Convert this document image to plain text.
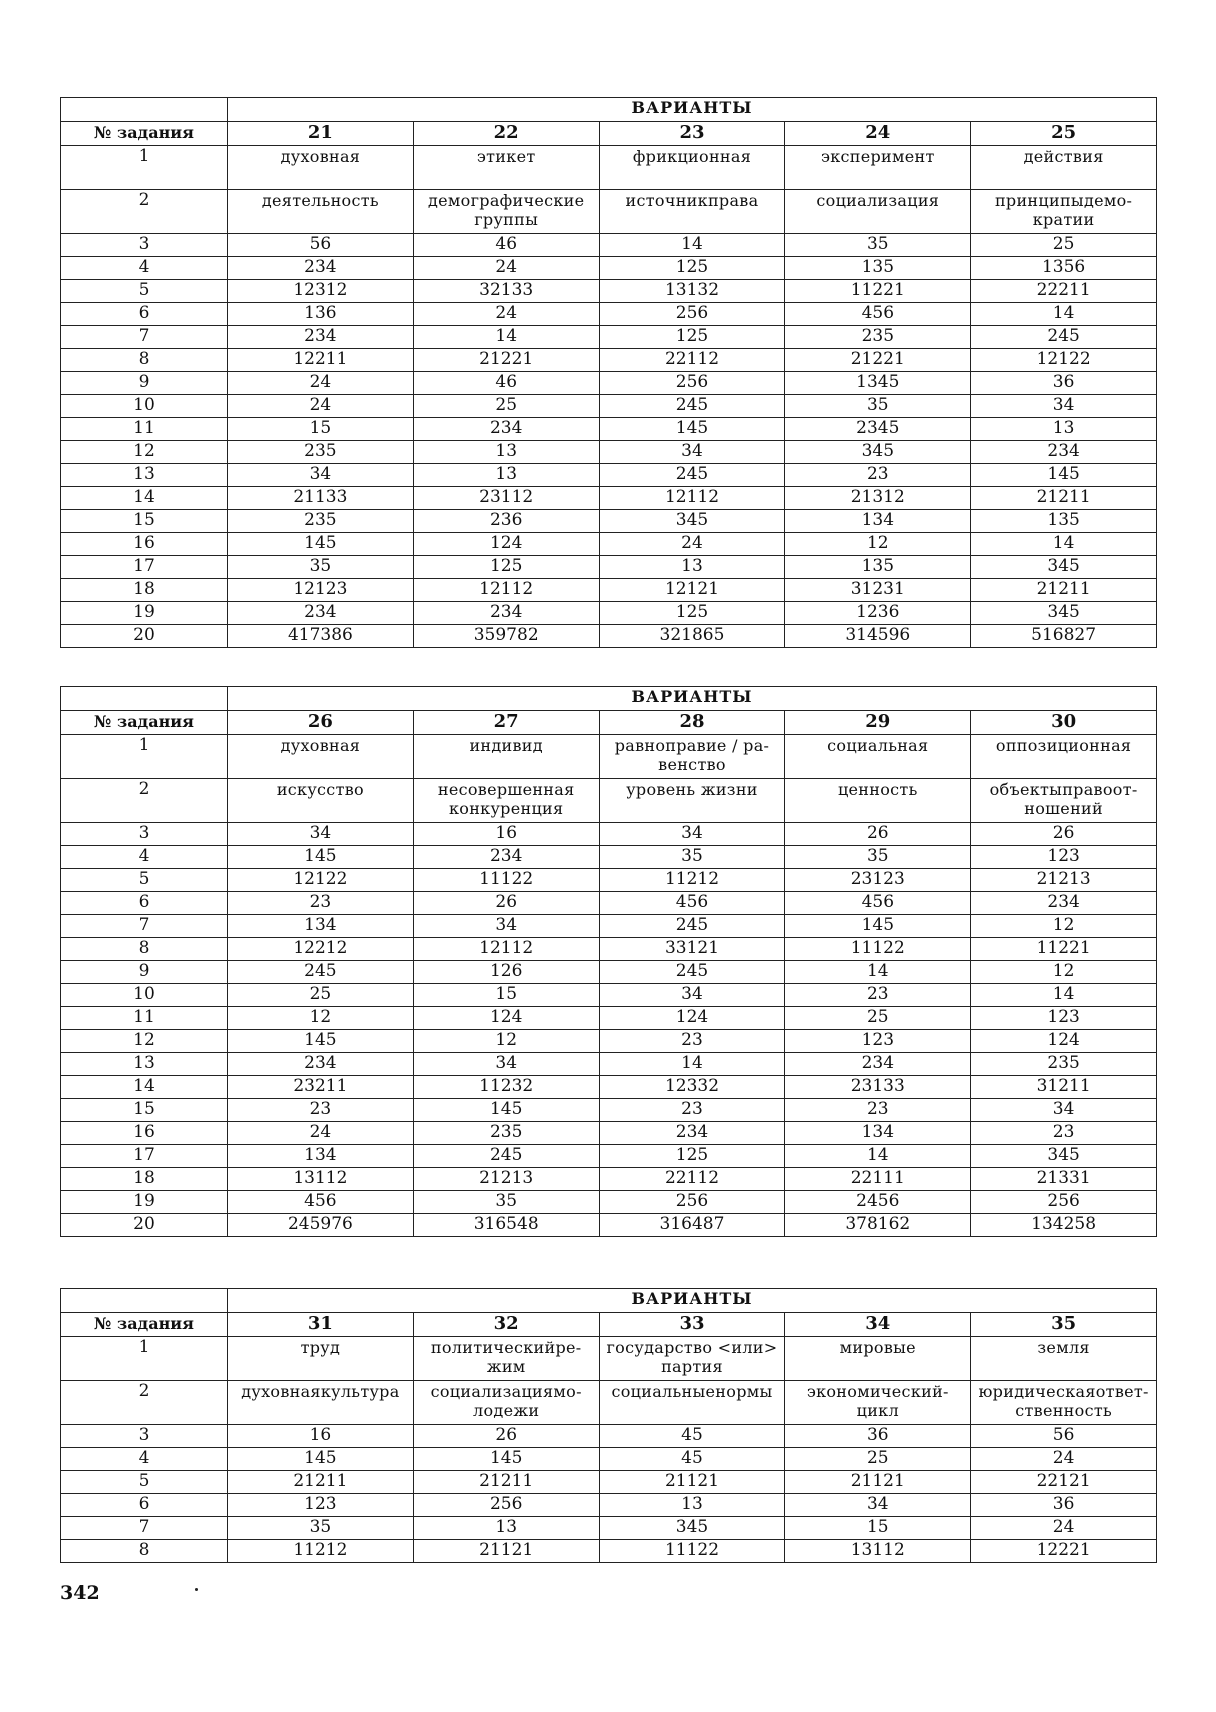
	ВАРИАНТЫ				
№ задания	21	22	23	24	25
1	духовная	этикет	фрикционная	эксперимент	действия
2	деятельность	демографические группы	источникправа	социализация	принципыдемо-кратии
3	56	46	14	35	25
4	234	24	125	135	1356
5	12312	32133	13132	11221	22211
6	136	24	256	456	14
7	234	14	125	235	245
8	12211	21221	22112	21221	12122
9	24	46	256	1345	36
10	24	25	245	35	34
11	15	234	145	2345	13
12	235	13	34	345	234
13	34	13	245	23	145
14	21133	23112	12112	21312	21211
15	235	236	345	134	135
16	145	124	24	12	14
17	35	125	13	135	345
18	12123	12112	12121	31231	21211
19	234	234	125	1236	345
20	417386	359782	321865	314596	516827
	ВАРИАНТЫ				
№ задания	26	27	28	29	30
1	духовная	индивид	равноправие / ра-венство	социальная	оппозиционная
2	искусство	несовершенная конкуренция	уровень жизни	ценность	объектыправоот-ношений
3	34	16	34	26	26
4	145	234	35	35	123
5	12122	11122	11212	23123	21213
6	23	26	456	456	234
7	134	34	245	145	12
8	12212	12112	33121	11122	11221
9	245	126	245	14	12
10	25	15	34	23	14
11	12	124	124	25	123
12	145	12	23	123	124
13	234	34	14	234	235
14	23211	11232	12332	23133	31211
15	23	145	23	23	34
16	24	235	234	134	23
17	134	245	125	14	345
18	13112	21213	22112	22111	21331
19	456	35	256	2456	256
20	245976	316548	316487	378162	134258
	ВАРИАНТЫ				
№ задания	31	32	33	34	35
1	труд	политическийре-жим	государство <или> партия	мировые	земля
2	духовнаякультура	социализациямо-лодежи	социальныенормы	экономический-цикл	юридическаяответ-ственность
3	16	26	45	36	56
4	145	145	45	25	24
5	21211	21211	21121	21121	22121
6	123	256	13	34	36
7	35	13	345	15	24
8	11212	21121	11122	13112	12221
342
